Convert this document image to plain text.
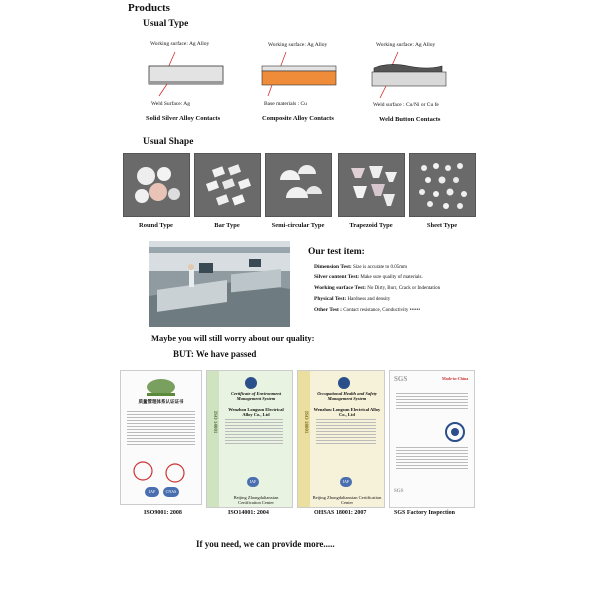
Products
Usual Type
Working surface: Ag Alloy
Weld Surface: Ag
Solid Silver Alloy Contacts
Working surface: Ag Alloy
Base materials : Cu
Composite Alloy Contacts
Working surface: Ag Alloy
Weld surface : Cu/Ni or Cu fe
Weld Button Contacts
Usual Shape
Round Type	Bar Type	Semi-circular Type	Trapezoid Type	Sheet Type
Our test item:
Dimension Test: Size is accurate to 0.05mm
Silver content Test: Make sure quality of materials.
Working surface Test: No Dirty, Burr, Crack or Indentation
Physical Test: Hardness and density
Other Test : Contact resistance, Conductivity ••••••
Maybe you will still worry about our quality:
BUT: We have passed
质量管理体系认证证书
IAF	CNAS
ISO 14001
Certificate of Environment Management System
Wenzhou Longsun Electrical Alloy Co., Ltd
IAF
Beijing Zhongdalianxian Certification Center
ISO 18001
Occupational Health and Safety Management System
Wenzhou Longsun Electrical Alloy Co., Ltd
IAF
Beijing Zhongdalianxian Certification Center
SGS	Made-in-China
SGS
ISO9001: 2008	ISO14001: 2004	OHSAS 18001: 2007	SGS Factory Inspection
If you need, we can provide more.....
